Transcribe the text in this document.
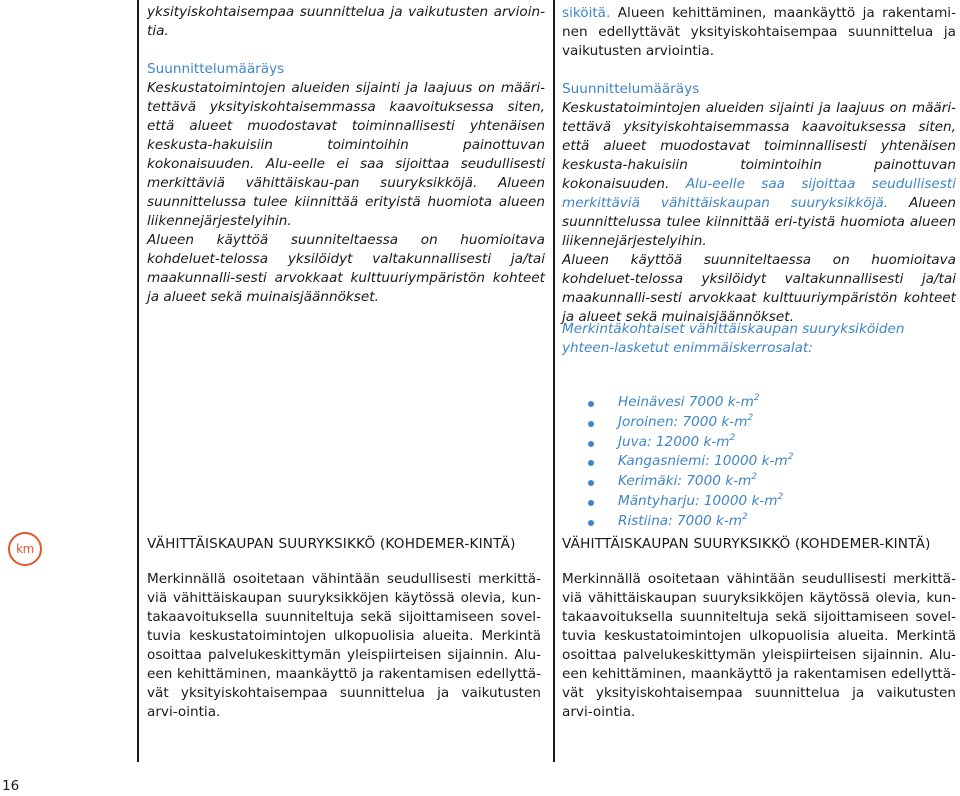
yksityiskohtaisempaa suunnittelua ja vaikutusten arvioin-tia.

Suunnittelumääräys

Keskustatoimintojen alueiden sijainti ja laajuus on määri-tettävä yksityiskohtaisemmassa kaavoituksessa siten, että alueet muodostavat toiminnallisesti yhtenäisen keskusta-hakuisiin toimintoihin painottuvan kokonaisuuden. Alu-eelle ei saa sijoittaa seudullisesti merkittäviä vähittäiskau-pan suuryksikköjä. Alueen suunnittelussa tulee kiinnittää erityistä huomiota alueen liikennejärjestelyihin.

Alueen käyttöä suunniteltaessa on huomioitava kohdeluet-telossa yksilöidyt valtakunnallisesti ja/tai maakunnalli-sesti arvokkaat kulttuuriympäristön kohteet ja alueet sekä muinaisjäännökset.

siköitä. Alueen kehittäminen, maankäyttö ja rakentami-nen edellyttävät yksityiskohtaisempaa suunnittelua ja vaikutusten arviointia.

Suunnittelumääräys

Keskustatoimintojen alueiden sijainti ja laajuus on määri-tettävä yksityiskohtaisemmassa kaavoituksessa siten, että alueet muodostavat toiminnallisesti yhtenäisen keskusta-hakuisiin toimintoihin painottuvan kokonaisuuden. Alu-eelle saa sijoittaa seudullisesti merkittäviä vähittäiskaupan suuryksikköjä. Alueen suunnittelussa tulee kiinnittää eri-tyistä huomiota alueen liikennejärjestelyihin.

Alueen käyttöä suunniteltaessa on huomioitava kohdeluet-telossa yksilöidyt valtakunnallisesti ja/tai maakunnalli-sesti arvokkaat kulttuuriympäristön kohteet ja alueet sekä muinaisjäännökset.

Merkintäkohtaiset vähittäiskaupan suuryksiköiden yhteen-lasketut enimmäiskerrosalat:

Heinävesi 7000 $k-m^2$
Joroinen: 7000 $k-m^2$
Juva: 12000 $k-m^2$
Kangasniemi: 10000 $k-m^2$
Kerimäki: 7000 $k-m^2$
Mäntyharju: 10000 $k-m^2$
Ristiina: 7000 $k-m^2$
km	VÄHITTÄISKAUPAN SUURYKSIKKÖ (KOHDEMER-KINTÄ)

Merkinnällä osoitetaan vähintään seudullisesti merkittä-viä vähittäiskaupan suuryksikköjen käytössä olevia, kun-takaavoituksella suunniteltuja sekä sijoittamiseen sovel-tuvia keskustatoimintojen ulkopuolisia alueita. Merkintä osoittaa palvelukeskittymän yleispiirteisen sijainnin. Alu-een kehittäminen, maankäyttö ja rakentamisen edellyttä-vät yksityiskohtaisempaa suunnittelua ja vaikutusten arvi-ointia.

VÄHITTÄISKAUPAN SUURYKSIKKÖ (KOHDEMER-KINTÄ)

Merkinnällä osoitetaan vähintään seudullisesti merkittä-viä vähittäiskaupan suuryksikköjen käytössä olevia, kun-takaavoituksella suunniteltuja sekä sijoittamiseen sovel-tuvia keskustatoimintojen ulkopuolisia alueita. Merkintä osoittaa palvelukeskittymän yleispiirteisen sijainnin. Alu-een kehittäminen, maankäyttö ja rakentamisen edellyttä-vät yksityiskohtaisempaa suunnittelua ja vaikutusten arvi-ointia.

16
